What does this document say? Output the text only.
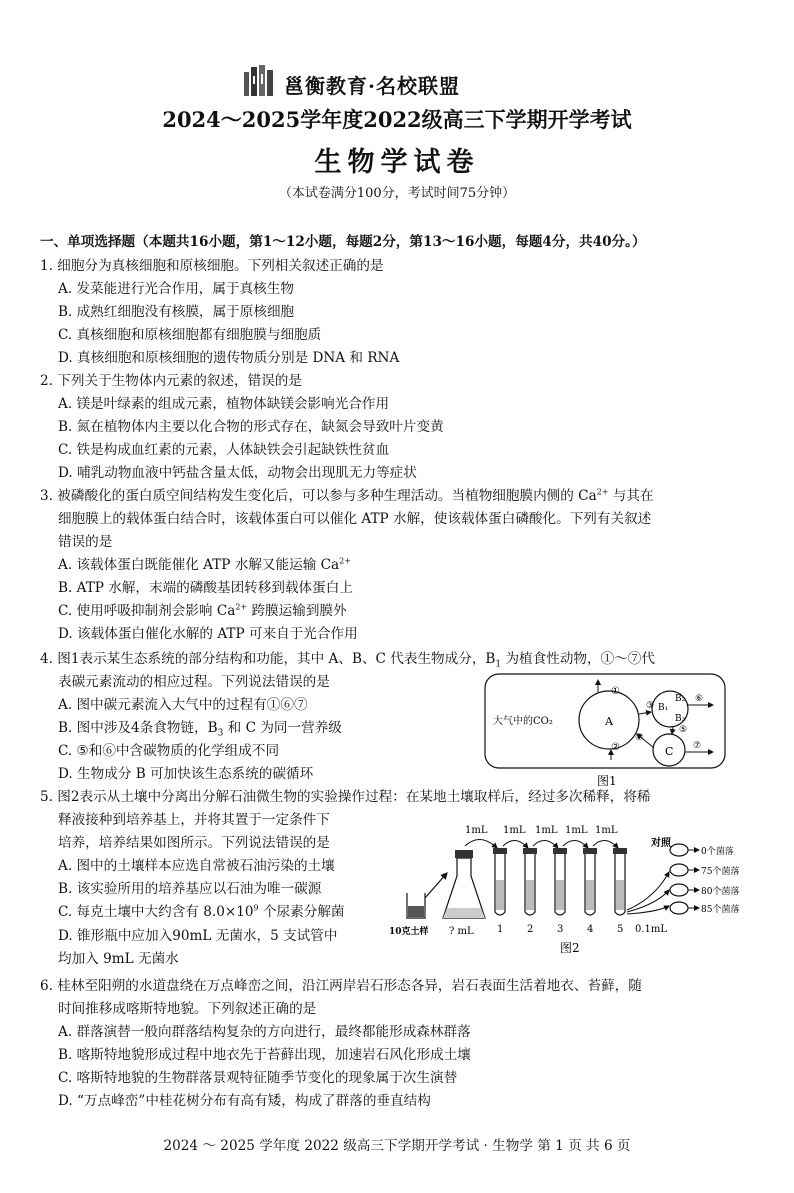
邕衡教育·名校联盟
2024～2025学年度2022级高三下学期开学考试
生物学试卷
（本试卷满分100分，考试时间75分钟）
一、单项选择题（本题共16小题，第1～12小题，每题2分，第13～16小题，每题4分，共40分。）
1. 细胞分为真核细胞和原核细胞。下列相关叙述正确的是
A. 发菜能进行光合作用，属于真核生物
B. 成熟红细胞没有核膜，属于原核细胞
C. 真核细胞和原核细胞都有细胞膜与细胞质
D. 真核细胞和原核细胞的遗传物质分别是 DNA 和 RNA
2. 下列关于生物体内元素的叙述，错误的是
A. 镁是叶绿素的组成元素，植物体缺镁会影响光合作用
B. 氮在植物体内主要以化合物的形式存在，缺氮会导致叶片变黄
C. 铁是构成血红素的元素，人体缺铁会引起缺铁性贫血
D. 哺乳动物血液中钙盐含量太低，动物会出现肌无力等症状
3. 被磷酸化的蛋白质空间结构发生变化后，可以参与多种生理活动。当植物细胞膜内侧的 $Ca^{2+}$ 与其在
细胞膜上的载体蛋白结合时，该载体蛋白可以催化 ATP 水解，使该载体蛋白磷酸化。下列有关叙述
错误的是
A. 该载体蛋白既能催化 ATP 水解又能运输 $Ca^{2+}$
B. ATP 水解，末端的磷酸基团转移到载体蛋白上
C. 使用呼吸抑制剂会影响 $Ca^{2+}$ 跨膜运输到膜外
D. 该载体蛋白催化水解的 ATP 可来自于光合作用
4. 图1表示某生态系统的部分结构和功能，其中 A、B、C 代表生物成分，$B_1$ 为植食性动物，①～⑦代
表碳元素流动的相应过程。下列说法错误的是
A. 图中碳元素流入大气中的过程有①⑥⑦
B. 图中涉及4条食物链，$B_3$ 和 C 为同一营养级
C. ⑤和⑥中含碳物质的化学组成不同
D. 生物成分 B 可加快该生态系统的碳循环
大气中的CO₂	A
B₁
B₂
B₃
C
①
②
③
④
⑤
⑥
⑦
图1
5. 图2表示从土壤中分离出分解石油微生物的实验操作过程：在某地土壤取样后，经过多次稀释，将稀
释液接种到培养基上，并将其置于一定条件下
培养，培养结果如图所示。下列说法错误的是
A. 图中的土壤样本应选自常被石油污染的土壤
B. 该实验所用的培养基应以石油为唯一碳源
C. 每克土壤中大约含有 $8.0\times 10^9$ 个尿素分解菌
D. 锥形瓶中应加入90mL 无菌水，5 支试管中
均加入 9mL 无菌水
1mL 1mL 1mL 1mL 1mL
10克土样 ? mL 1 2 3 4 5 0.1mL
对照
0个菌落
75个菌落
80个菌落
85个菌落
图2
6. 桂林至阳朔的水道盘绕在万点峰峦之间，沿江两岸岩石形态各异，岩石表面生活着地衣、苔藓，随
时间推移成喀斯特地貌。下列叙述正确的是
A. 群落演替一般向群落结构复杂的方向进行，最终都能形成森林群落
B. 喀斯特地貌形成过程中地衣先于苔藓出现，加速岩石风化形成土壤
C. 喀斯特地貌的生物群落景观特征随季节变化的现象属于次生演替
D. “万点峰峦”中桂花树分布有高有矮，构成了群落的垂直结构
2024 ～ 2025 学年度 2022 级高三下学期开学考试 · 生物学 第 1 页 共 6 页
